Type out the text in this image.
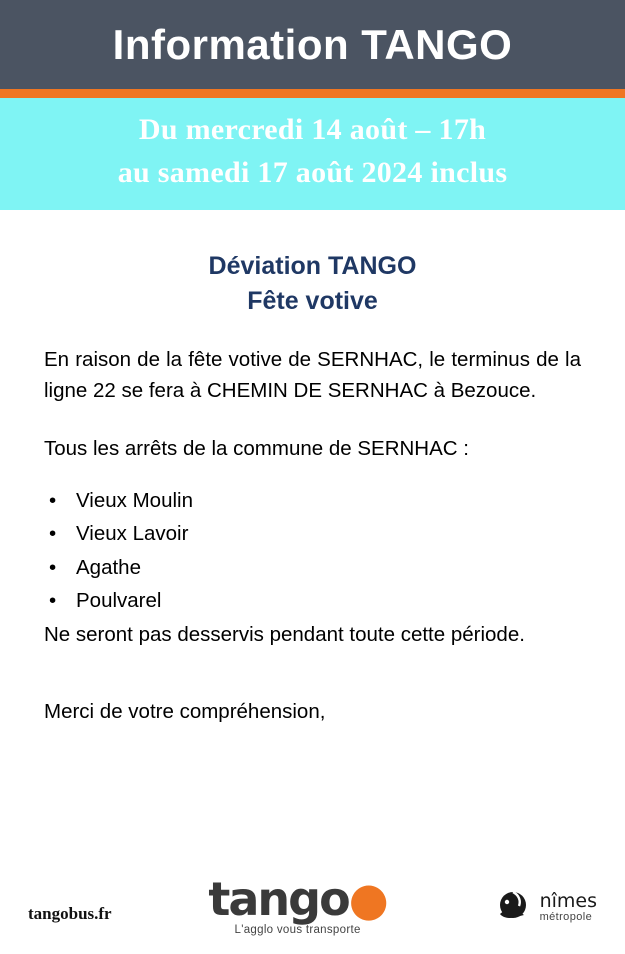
Information TANGO
Du mercredi 14 août – 17h
au samedi 17 août 2024 inclus
Déviation TANGO
Fête votive

En raison de la fête votive de SERNHAC, le terminus de la ligne 22 se fera à CHEMIN DE SERNHAC à Bezouce.

Tous les arrêts de la commune de SERNHAC :

• Vieux Moulin
• Vieux Lavoir
• Agathe
• Poulvarel

Ne seront pas desservis pendant toute cette période.

Merci de votre compréhension,

tangobus.fr	tango●
L'agglo vous transporte
nîmes
métropole
